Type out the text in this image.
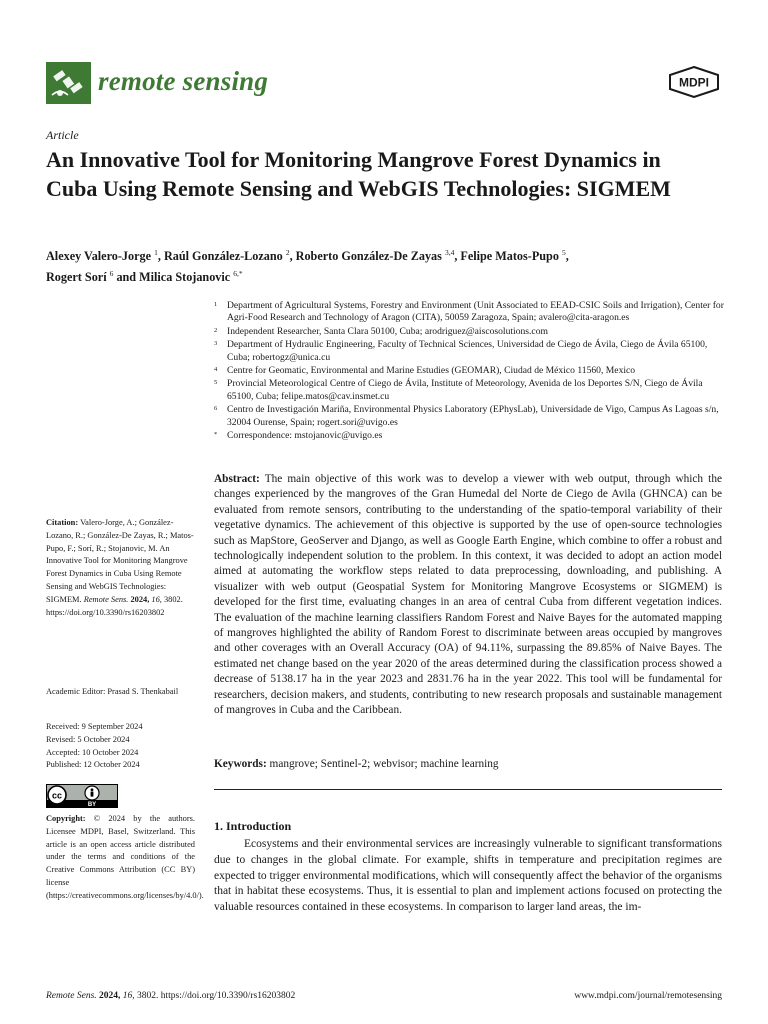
remote sensing	MDPI
Article
An Innovative Tool for Monitoring Mangrove Forest Dynamics in Cuba Using Remote Sensing and WebGIS Technologies: SIGMEM
Alexey Valero-Jorge $^1$, Raúl González-Lozano $^2$, Roberto González-De Zayas $^{3,4}$, Felipe Matos-Pupo $^5$,
Rogert Sorí $^6$ and Milica Stojanovic $^{6,*}$
1	Department of Agricultural Systems, Forestry and Environment (Unit Associated to EEAD-CSIC Soils and Irrigation), Center for Agri-Food Research and Technology of Aragon (CITA), 50059 Zaragoza, Spain; avalero@cita-aragon.es
2	Independent Researcher, Santa Clara 50100, Cuba; arodriguez@aiscosolutions.com
3	Department of Hydraulic Engineering, Faculty of Technical Sciences, Universidad de Ciego de Ávila, Ciego de Ávila 65100, Cuba; robertogz@unica.cu
4	Centre for Geomatic, Environmental and Marine Estudies (GEOMAR), Ciudad de México 11560, Mexico
5	Provincial Meteorological Centre of Ciego de Ávila, Institute of Meteorology, Avenida de los Deportes S/N, Ciego de Ávila 65100, Cuba; felipe.matos@cav.insmet.cu
6	Centro de Investigación Mariña, Environmental Physics Laboratory (EPhysLab), Universidade de Vigo, Campus As Lagoas s/n, 32004 Ourense, Spain; rogert.sori@uvigo.es
*	Correspondence: mstojanovic@uvigo.es
Abstract: The main objective of this work was to develop a viewer with web output, through which the changes experienced by the mangroves of the Gran Humedal del Norte de Ciego de Avila (GHNCA) can be evaluated from remote sensors, contributing to the understanding of the spatio-temporal variability of their vegetative dynamics. The achievement of this objective is supported by the use of open-source technologies such as MapStore, GeoServer and Django, as well as Google Earth Engine, which combine to offer a robust and technologically independent solution to the problem. In this context, it was decided to adopt an action model aimed at automating the workflow steps related to data preprocessing, downloading, and publishing. A visualizer with web output (Geospatial System for Monitoring Mangrove Ecosystems or SIGMEM) is developed for the first time, evaluating changes in an area of central Cuba from different vegetation indices. The evaluation of the machine learning classifiers Random Forest and Naive Bayes for the automated mapping of mangroves highlighted the ability of Random Forest to discriminate between areas occupied by mangroves and other coverages with an Overall Accuracy (OA) of 94.11%, surpassing the 89.85% of Naive Bayes. The estimated net change based on the year 2020 of the areas determined during the classification process showed a decrease of 5138.17 ha in the year 2023 and 2831.76 ha in the year 2022. This tool will be fundamental for researchers, decision makers, and students, contributing to new research proposals and sustainable management of mangroves in Cuba and the Caribbean.
Keywords: mangrove; Sentinel-2; webvisor; machine learning
1. Introduction
Ecosystems and their environmental services are increasingly vulnerable to significant transformations due to changes in the global climate. For example, shifts in temperature and precipitation regimes are expected to trigger environmental modifications, which will consequently affect the behavior of the organisms that in habitat these ecosystems. Thus, it is essential to plan and implement actions focused on protecting the valuable resources contained in these ecosystems. In comparison to larger land areas, the im-
Citation: Valero-Jorge, A.; González-Lozano, R.; González-De Zayas, R.; Matos-Pupo, F.; Sorí, R.; Stojanovic, M. An Innovative Tool for Monitoring Mangrove Forest Dynamics in Cuba Using Remote Sensing and WebGIS Technologies: SIGMEM. Remote Sens. 2024, 16, 3802. https://doi.org/10.3390/rs16203802
Academic Editor: Prasad S. Thenkabail
Received: 9 September 2024
Revised: 5 October 2024
Accepted: 10 October 2024
Published: 12 October 2024
cc
BY
Copyright: © 2024 by the authors. Licensee MDPI, Basel, Switzerland. This article is an open access article distributed under the terms and conditions of the Creative Commons Attribution (CC BY) license (https://creativecommons.org/licenses/by/4.0/).
Remote Sens. 2024, 16, 3802. https://doi.org/10.3390/rs16203802	www.mdpi.com/journal/remotesensing
